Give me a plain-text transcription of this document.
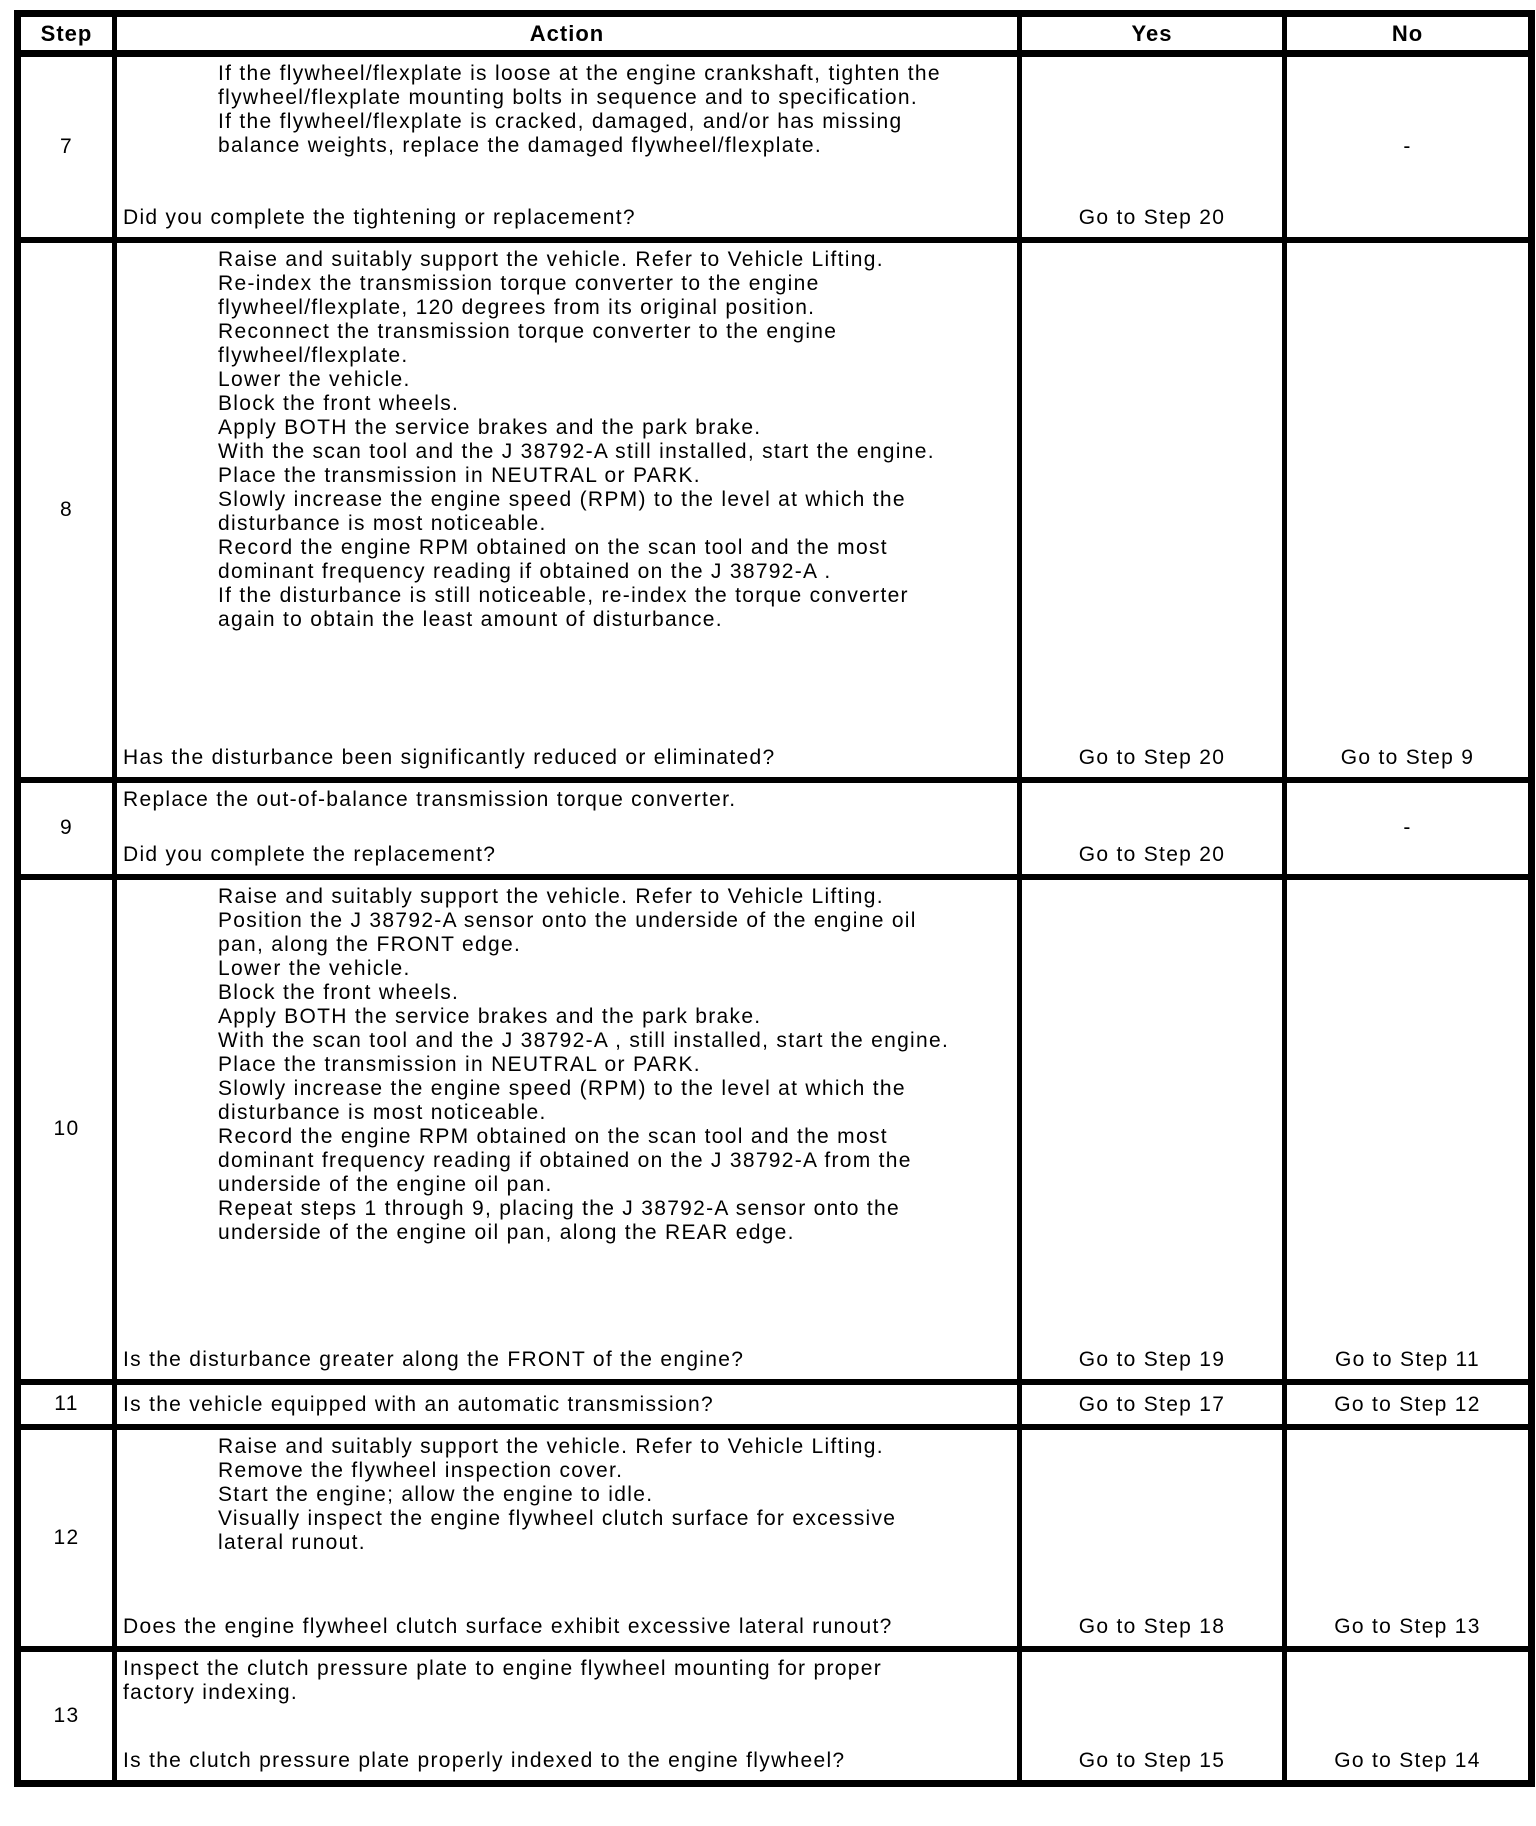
Step	Action	Yes	No
7	If the flywheel/flexplate is loose at the engine crankshaft, tighten the
flywheel/flexplate mounting bolts in sequence and to specification.
If the flywheel/flexplate is cracked, damaged, and/or has missing
balance weights, replace the damaged flywheel/flexplate.
Did you complete the tightening or replacement?	Go to Step 20	-
8	
Raise and suitably support the vehicle. Refer to Vehicle Lifting.
Re-index the transmission torque converter to the engine
flywheel/flexplate, 120 degrees from its original position.
Reconnect the transmission torque converter to the engine
flywheel/flexplate.
Lower the vehicle.
Block the front wheels.
Apply BOTH the service brakes and the park brake.
With the scan tool and the J 38792-A still installed, start the engine.
Place the transmission in NEUTRAL or PARK.
Slowly increase the engine speed (RPM) to the level at which the
disturbance is most noticeable.
Record the engine RPM obtained on the scan tool and the most
dominant frequency reading if obtained on the J 38792-A .
If the disturbance is still noticeable, re-index the torque converter
again to obtain the least amount of disturbance.
Has the disturbance been significantly reduced or eliminated?	Go to Step 20	Go to Step 9

9	Replace the out-of-balance transmission torque converter.
Did you complete the replacement?	Go to Step 20	-
10	
Raise and suitably support the vehicle. Refer to Vehicle Lifting.
Position the J 38792-A sensor onto the underside of the engine oil
pan, along the FRONT edge.
Lower the vehicle.
Block the front wheels.
Apply BOTH the service brakes and the park brake.
With the scan tool and the J 38792-A , still installed, start the engine.
Place the transmission in NEUTRAL or PARK.
Slowly increase the engine speed (RPM) to the level at which the
disturbance is most noticeable.
Record the engine RPM obtained on the scan tool and the most
dominant frequency reading if obtained on the J 38792-A from the
underside of the engine oil pan.
Repeat steps 1 through 9, placing the J 38792-A sensor onto the
underside of the engine oil pan, along the REAR edge.
Is the disturbance greater along the FRONT of the engine?	Go to Step 19	Go to Step 11

11	Is the vehicle equipped with an automatic transmission?	Go to Step 17	Go to Step 12

12	
Raise and suitably support the vehicle. Refer to Vehicle Lifting.
Remove the flywheel inspection cover.
Start the engine; allow the engine to idle.
Visually inspect the engine flywheel clutch surface for excessive
lateral runout.
Does the engine flywheel clutch surface exhibit excessive lateral runout?	Go to Step 18	Go to Step 13

13	Inspect the clutch pressure plate to engine flywheel mounting for proper
factory indexing.
Is the clutch pressure plate properly indexed to the engine flywheel?	Go to Step 15	Go to Step 14
